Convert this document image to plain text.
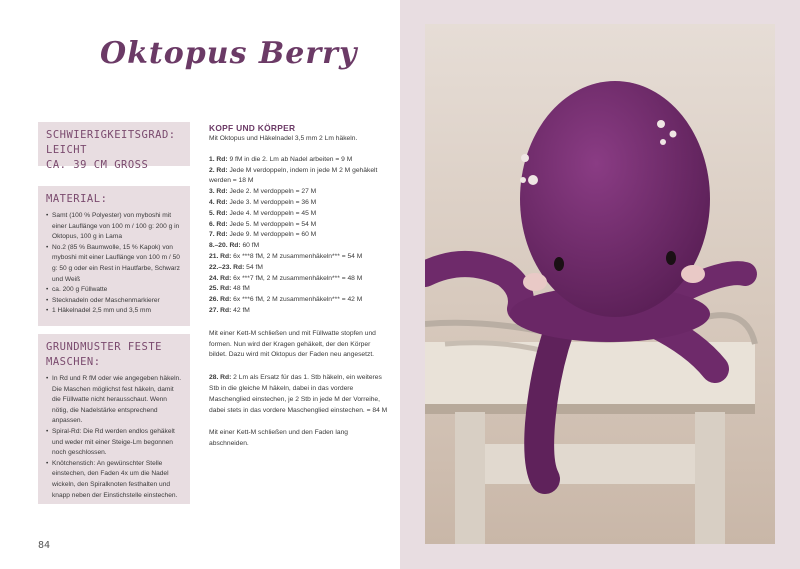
Oktopus Berry
SCHWIERIGKEITSGRAD: LEICHT
CA. 39 CM GROSS
MATERIAL:
• Samt (100 % Polyester) von myboshi mit einer Lauflänge von 100 m / 100 g: 200 g in Oktopus, 100 g in Lama
• No.2 (85 % Baumwolle, 15 % Kapok) von myboshi mit einer Lauflänge von 100 m / 50 g: 50 g oder ein Rest in Hautfarbe, Schwarz und Weiß
• ca. 200 g Füllwatte
• Stecknadeln oder Maschenmarkierer
• 1 Häkelnadel 2,5 mm und 3,5 mm
GRUNDMUSTER FESTE MASCHEN:
• In Rd und R fM oder wie angegeben häkeln. Die Maschen möglichst fest häkeln, damit die Füllwatte nicht herausschaut. Wenn nötig, die Nadelstärke entsprechend anpassen.
• Spiral-Rd: Die Rd werden endlos gehäkelt und weder mit einer Steige-Lm begonnen noch geschlossen.
• Knötchenstich: An gewünschter Stelle einstechen, den Faden 4x um die Nadel wickeln, den Spiralknoten festhalten und knapp neben der Einstichstelle einstechen.
KOPF UND KÖRPER
Mit Oktopus und Häkelnadel 3,5 mm 2 Lm häkeln.
1. Rd: 9 fM in die 2. Lm ab Nadel arbeiten = 9 M
2. Rd: Jede M verdoppeln, indem in jede M 2 M gehäkelt werden = 18 M
3. Rd: Jede 2. M verdoppeln = 27 M
4. Rd: Jede 3. M verdoppeln = 36 M
5. Rd: Jede 4. M verdoppeln = 45 M
6. Rd: Jede 5. M verdoppeln = 54 M
7. Rd: Jede 9. M verdoppeln = 60 M
8.–20. Rd: 60 fM
21. Rd: 6x ***8 fM, 2 M zusammenhäkeln*** = 54 M
22.–23. Rd: 54 fM
24. Rd: 6x ***7 fM, 2 M zusammenhäkeln*** = 48 M
25. Rd: 48 fM
26. Rd: 6x ***6 fM, 2 M zusammenhäkeln*** = 42 M
27. Rd: 42 fM
Mit einer Kett-M schließen und mit Füllwatte stopfen und formen. Nun wird der Kragen gehäkelt, der den Körper bildet. Dazu wird mit Oktopus der Faden neu angesetzt.
28. Rd: 2 Lm als Ersatz für das 1. Stb häkeln, ein weiteres Stb in die gleiche M häkeln, dabei in das vordere Maschenglied einstechen, je 2 Stb in jede M der Vorreihe, dabei stets in das vordere Maschenglied einstechen. = 84 M
Mit einer Kett-M schließen und den Faden lang abschneiden.
84
